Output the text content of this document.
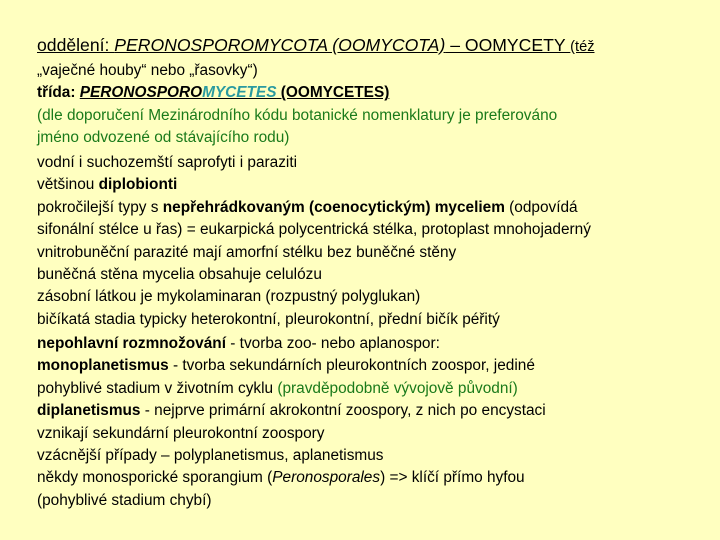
oddělení: PERONOSPOROMYCOTA (OOMYCOTA) – OOMYCETY (též
„vaječné houby“ nebo „řasovky“)
třída: PERONOSPOROMYCETES (OOMYCETES)
(dle doporučení Mezinárodního kódu botanické nomenklatury je preferováno
jméno odvozené od stávajícího rodu)
vodní i suchozemští saprofyti i paraziti
většinou diplobionti
pokročilejší typy s nepřehrádkovaným (coenocytickým) myceliem (odpovídá
sifonální stélce u řas) = eukarpická polycentrická stélka, protoplast mnohojaderný
vnitrobuněční parazité mají amorfní stélku bez buněčné stěny
buněčná stěna mycelia obsahuje celulózu
zásobní látkou je mykolaminaran (rozpustný polyglukan)
bičíkatá stadia typicky heterokontní, pleurokontní, přední bičík péřitý
nepohlavní rozmnožování - tvorba zoo- nebo aplanospor:
monoplanetismus - tvorba sekundárních pleurokontních zoospor, jediné
pohyblivé stadium v životním cyklu (pravděpodobně vývojově původní)
diplanetismus - nejprve primární akrokontní zoospory, z nich po encystaci
vznikají sekundární pleurokontní zoospory
vzácnější případy – polyplanetismus, aplanetismus
někdy monosporické sporangium (Peronosporales) => klíčí přímo hyfou
(pohyblivé stadium chybí)
